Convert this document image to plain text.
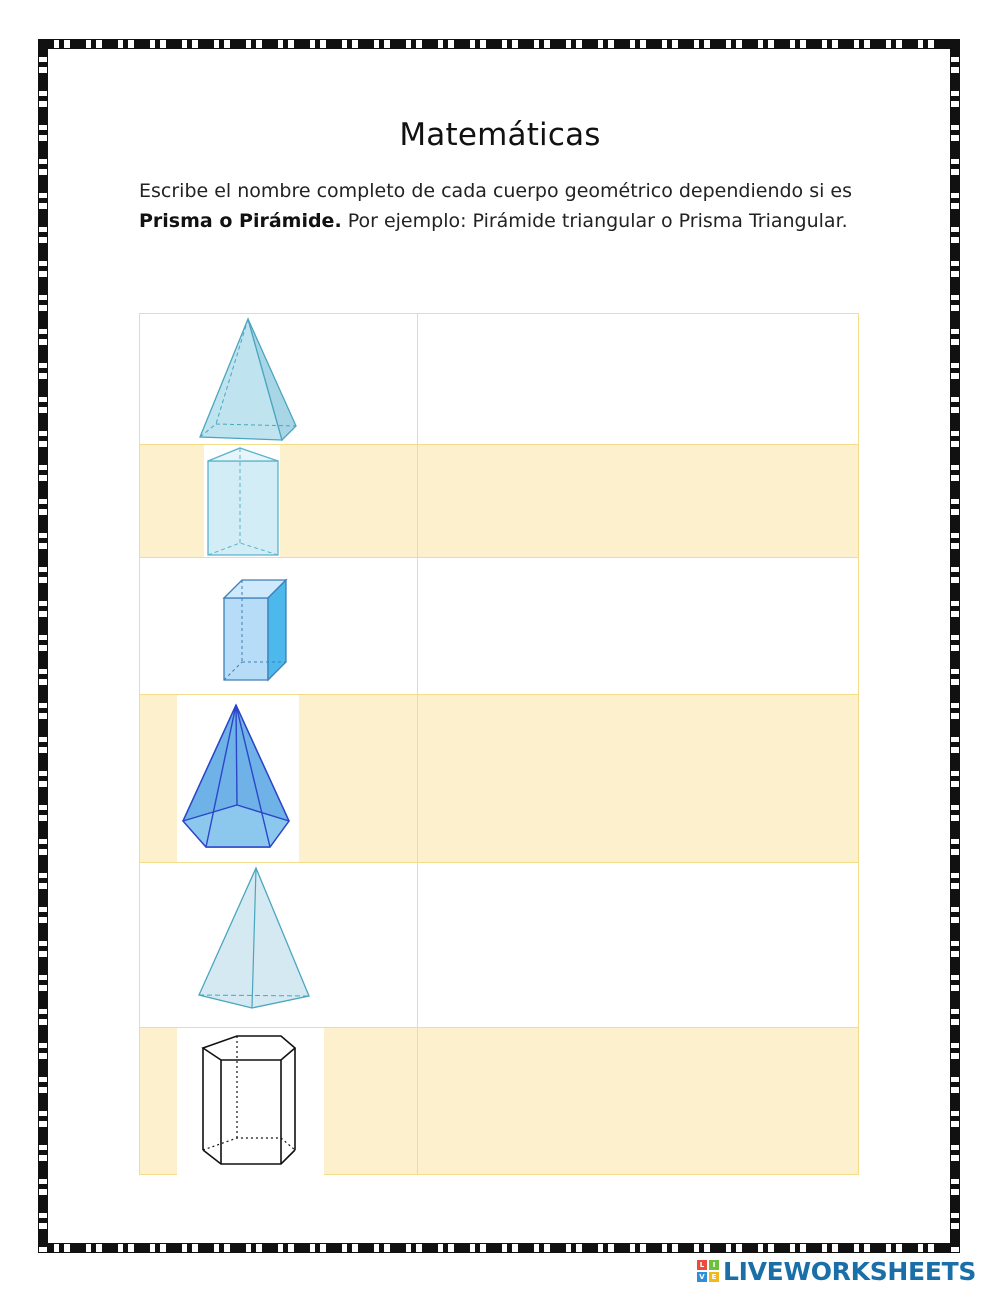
Matemáticas

Escribe el nombre completo de cada cuerpo geométrico dependiendo si es Prisma o Pirámide. Por ejemplo: Pirámide triangular o Prisma Triangular.

L	I
V E LIVEWORKSHEETS
